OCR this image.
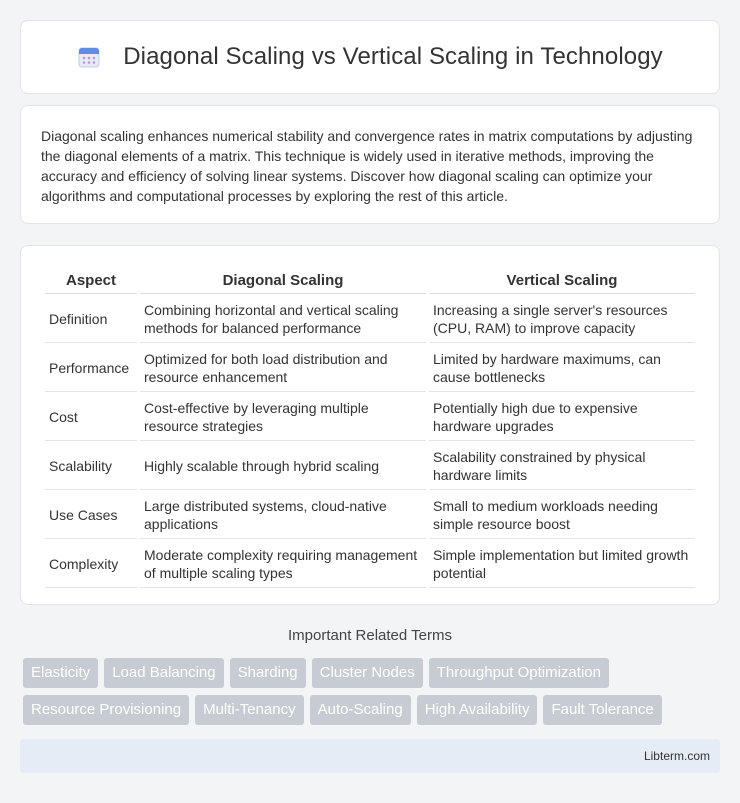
Diagonal Scaling vs Vertical Scaling in Technology

Diagonal scaling enhances numerical stability and convergence rates in matrix computations by adjusting the diagonal elements of a matrix. This technique is widely used in iterative methods, improving the accuracy and efficiency of solving linear systems. Discover how diagonal scaling can optimize your algorithms and computational processes by exploring the rest of this article.

Aspect	Diagonal Scaling	Vertical Scaling
Definition	Combining horizontal and vertical scaling methods for balanced performance	Increasing a single server's resources (CPU, RAM) to improve capacity
Performance	Optimized for both load distribution and resource enhancement	Limited by hardware maximums, can cause bottlenecks
Cost	Cost-effective by leveraging multiple resource strategies	Potentially high due to expensive hardware upgrades
Scalability	Highly scalable through hybrid scaling	Scalability constrained by physical hardware limits
Use Cases	Large distributed systems, cloud-native applications	Small to medium workloads needing simple resource boost
Complexity	Moderate complexity requiring management of multiple scaling types	Simple implementation but limited growth potential
Important Related Terms
Elasticity	Load Balancing	Sharding	Cluster Nodes	Throughput Optimization
Resource Provisioning	Multi-Tenancy	Auto-Scaling	High Availability	Fault Tolerance
Libterm.com
